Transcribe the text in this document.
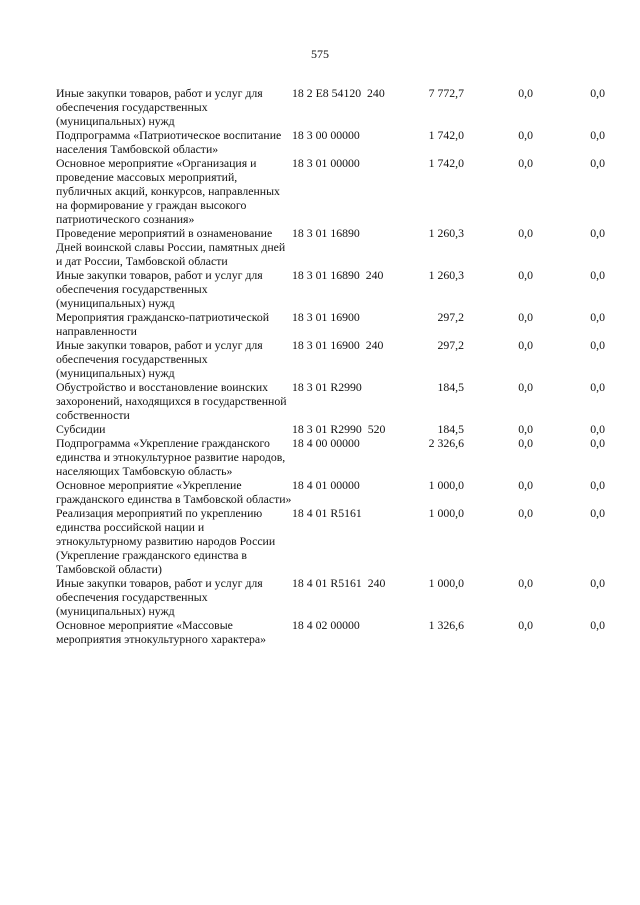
575
Иные закупки товаров, работ и услуг для обеспечения государственных (муниципальных) нужд	18 2 E8 54120  240	7 772,7	0,0	0,0
Подпрограмма «Патриотическое воспитание населения Тамбовской области»	18 3 00 00000	1 742,0	0,0	0,0
Основное мероприятие «Организация и проведение массовых мероприятий, публичных акций, конкурсов, направленных на формирование у граждан высокого патриотического сознания»	18 3 01 00000	1 742,0	0,0	0,0
Проведение мероприятий в ознаменование Дней воинской славы России, памятных дней и дат России, Тамбовской области	18 3 01 16890	1 260,3	0,0	0,0
Иные закупки товаров, работ и услуг для обеспечения государственных (муниципальных) нужд	18 3 01 16890  240	1 260,3	0,0	0,0
Мероприятия гражданско-патриотической направленности	18 3 01 16900	297,2	0,0	0,0
Иные закупки товаров, работ и услуг для обеспечения государственных (муниципальных) нужд	18 3 01 16900  240	297,2	0,0	0,0
Обустройство и восстановление воинских захоронений, находящихся в государственной собственности	18 3 01 R2990	184,5	0,0	0,0
Субсидии	18 3 01 R2990  520	184,5	0,0	0,0
Подпрограмма «Укрепление гражданского единства и этнокультурное развитие народов, населяющих Тамбовскую область»	18 4 00 00000	2 326,6	0,0	0,0
Основное мероприятие «Укрепление гражданского единства в Тамбовской области»	18 4 01 00000	1 000,0	0,0	0,0
Реализация мероприятий по укреплению единства российской нации и этнокультурному развитию народов России (Укрепление гражданского единства в Тамбовской области)	18 4 01 R5161	1 000,0	0,0	0,0
Иные закупки товаров, работ и услуг для обеспечения государственных (муниципальных) нужд	18 4 01 R5161  240	1 000,0	0,0	0,0
Основное мероприятие «Массовые мероприятия этнокультурного характера»	18 4 02 00000	1 326,6	0,0	0,0
